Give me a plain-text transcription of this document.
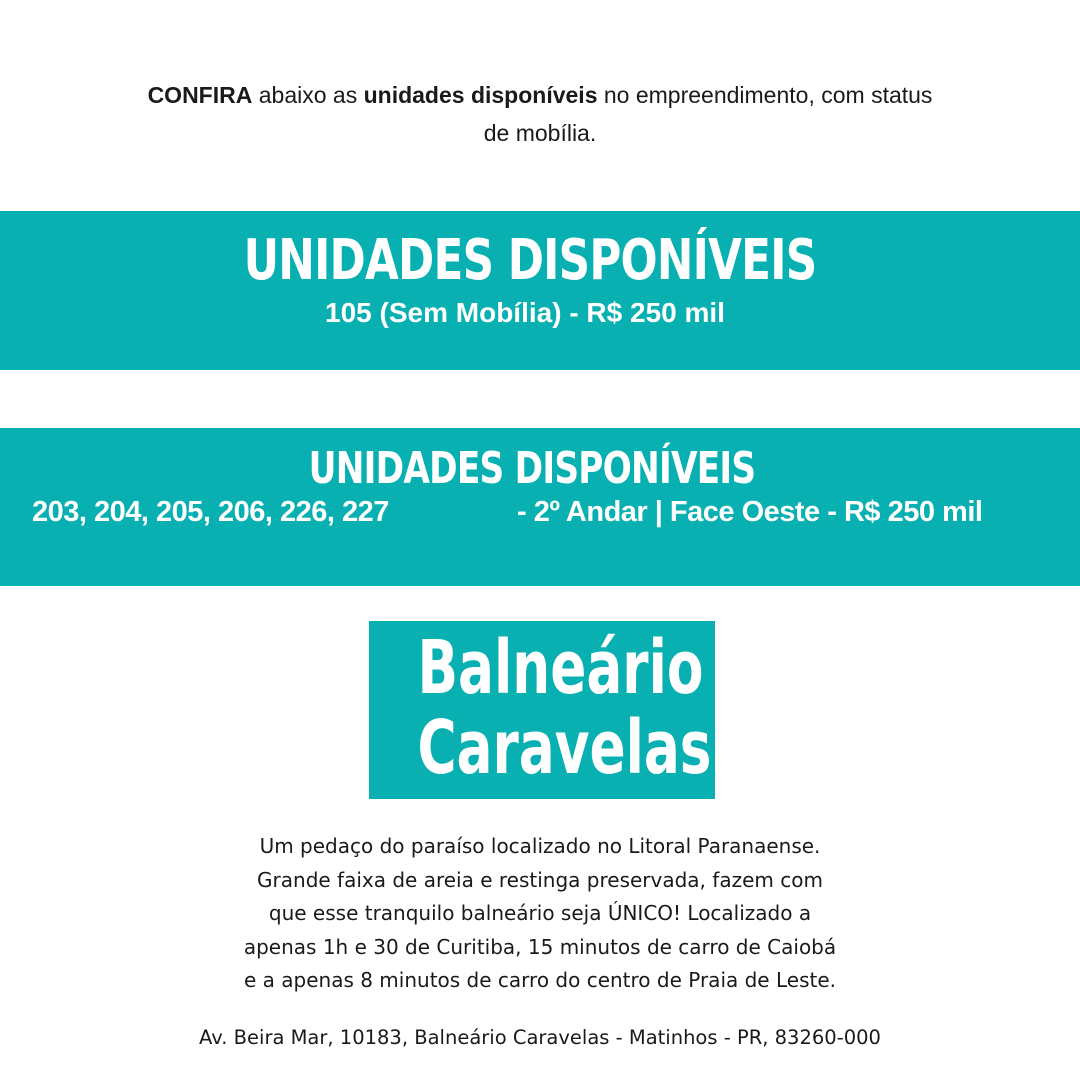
CONFIRA abaixo as unidades disponíveis no empreendimento, com status
de mobília.
UNIDADES DISPONÍVEIS
105 (Sem Mobília) - R$ 250 mil
UNIDADES DISPONÍVEIS
203, 204, 205, 206, 226, 227	- 2º Andar | Face Oeste - R$ 250 mil
Balneário
Caravelas
Um pedaço do paraíso localizado no Litoral Paranaense.
Grande faixa de areia e restinga preservada, fazem com
que esse tranquilo balneário seja ÚNICO! Localizado a
apenas 1h e 30 de Curitiba, 15 minutos de carro de Caiobá
e a apenas 8 minutos de carro do centro de Praia de Leste.
Av. Beira Mar, 10183, Balneário Caravelas - Matinhos - PR, 83260-000
